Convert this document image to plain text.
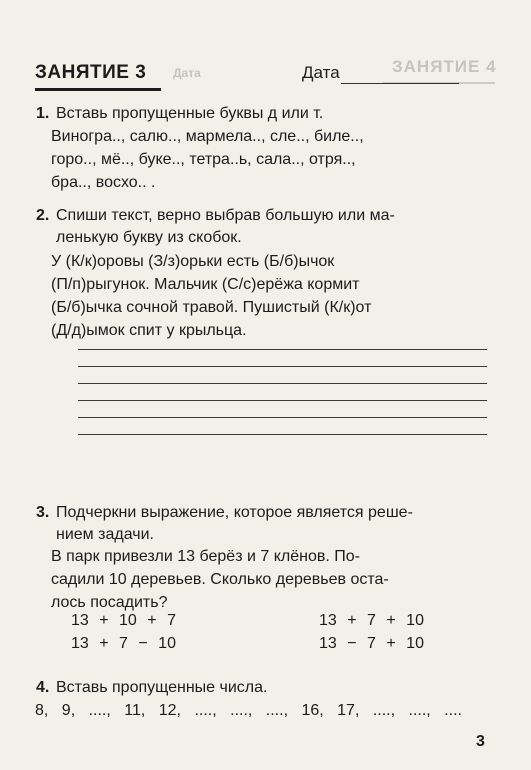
Дата	ЗАНЯТИЕ 4
ЗАНЯТИЕ 3	Дата
1. Вставь пропущенные буквы д или т.
Виногра.., салю.., мармела.., сле.., биле..,
горо.., мё.., буке.., тетра..ь, сала.., отря..,
бра.., восхо.. .
2. Спиши текст, верно выбрав большую или ма-
ленькую букву из скобок.
У (К/к)оровы (З/з)орьки есть (Б/б)ычок
(П/п)рыгунок. Мальчик (С/с)ерёжа кормит
(Б/б)ычка сочной травой. Пушистый (К/к)от
(Д/д)ымок спит у крыльца.
3. Подчеркни выражение, которое является реше-
нием задачи.
В парк привезли 13 берёз и 7 клёнов. По-
садили 10 деревьев. Сколько деревьев оста-
лось посадить?
13 + 10 + 7	13 + 7 + 10
13 + 7 − 10	13 − 7 + 10
4. Вставь пропущенные числа.
8, 9, ...., 11, 12, ...., ...., ...., 16, 17, ...., ...., ....
3
